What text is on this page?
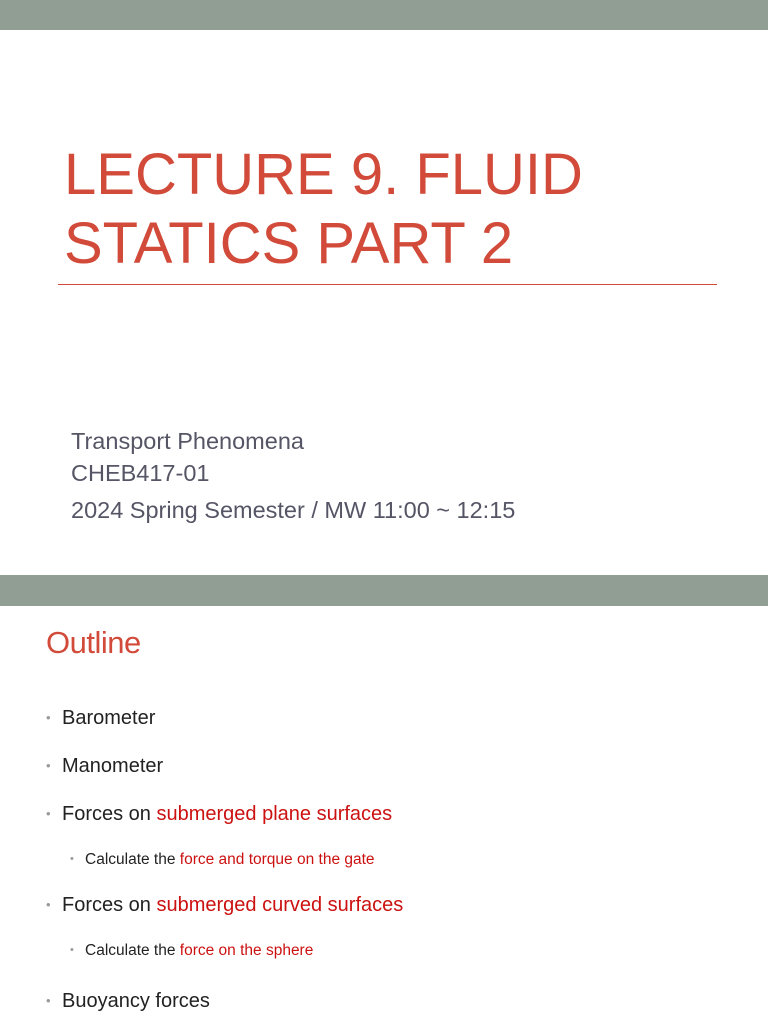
LECTURE 9. FLUID
STATICS PART 2
Transport Phenomena
CHEB417-01
2024 Spring Semester / MW 11:00 ~ 12:15
Outline
• Barometer
• Manometer
• Forces on submerged plane surfaces
• Calculate the force and torque on the gate
• Forces on submerged curved surfaces
• Calculate the force on the sphere
• Buoyancy forces
